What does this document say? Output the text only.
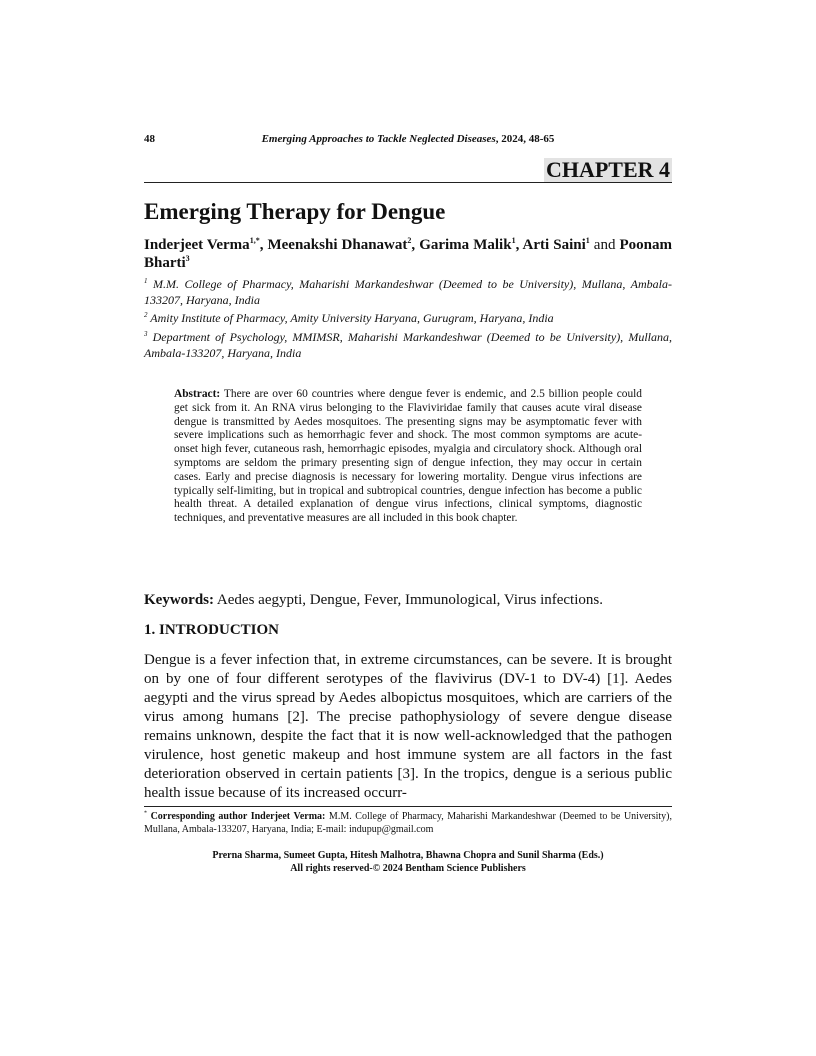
48	Emerging Approaches to Tackle Neglected Diseases, 2024, 48-65
CHAPTER 4
Emerging Therapy for Dengue
Inderjeet Verma$^{1,*}$, Meenakshi Dhanawat$^2$, Garima Malik$^1$, Arti Saini$^1$ and Poonam Bharti$^3$
$^1$ M.M. College of Pharmacy, Maharishi Markandeshwar (Deemed to be University), Mullana, Ambala-133207, Haryana, India
$^2$ Amity Institute of Pharmacy, Amity University Haryana, Gurugram, Haryana, India
$^3$ Department of Psychology, MMIMSR, Maharishi Markandeshwar (Deemed to be University), Mullana, Ambala-133207, Haryana, India
Abstract: There are over 60 countries where dengue fever is endemic, and 2.5 billion people could get sick from it. An RNA virus belonging to the Flaviviridae family that causes acute viral disease dengue is transmitted by Aedes mosquitoes. The presenting signs may be asymptomatic fever with severe implications such as hemorrhagic fever and shock. The most common symptoms are acute-onset high fever, cutaneous rash, hemorrhagic episodes, myalgia and circulatory shock. Although oral symptoms are seldom the primary presenting sign of dengue infection, they may occur in certain cases. Early and precise diagnosis is necessary for lowering mortality. Dengue virus infections are typically self-limiting, but in tropical and subtropical countries, dengue infection has become a public health threat. A detailed explanation of dengue virus infections, clinical symptoms, diagnostic techniques, and preventative measures are all included in this book chapter.
Keywords: Aedes aegypti, Dengue, Fever, Immunological, Virus infections.
1. INTRODUCTION
Dengue is a fever infection that, in extreme circumstances, can be severe. It is brought on by one of four different serotypes of the flavivirus (DV-1 to DV-4) [1]. Aedes aegypti and the virus spread by Aedes albopictus mosquitoes, which are carriers of the virus among humans [2]. The precise pathophysiology of severe dengue disease remains unknown, despite the fact that it is now well-acknowledged that the pathogen virulence, host genetic makeup and host immune system are all factors in the fast deterioration observed in certain patients [3]. In the tropics, dengue is a serious public health issue because of its increased occurr-
* Corresponding author Inderjeet Verma: M.M. College of Pharmacy, Maharishi Markandeshwar (Deemed to be University), Mullana, Ambala-133207, Haryana, India; E-mail: indupup@gmail.com
Prerna Sharma, Sumeet Gupta, Hitesh Malhotra, Bhawna Chopra and Sunil Sharma (Eds.)
All rights reserved-© 2024 Bentham Science Publishers
